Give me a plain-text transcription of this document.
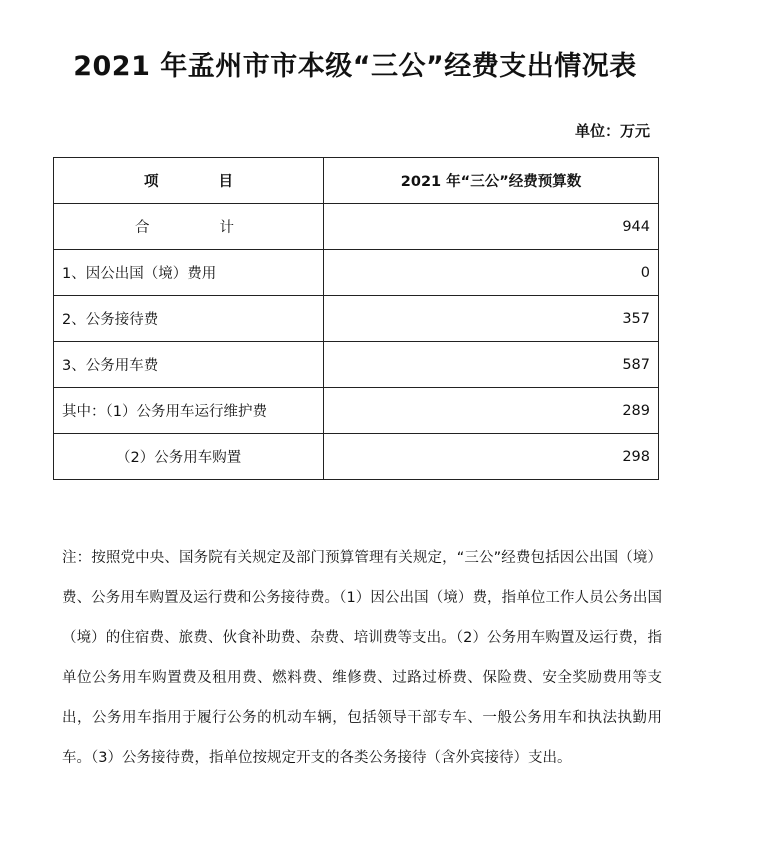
2021 年孟州市市本级“三公”经费支出情况表
单位：万元
项目	2021 年“三公”经费预算数
合计	944
1、因公出国（境）费用	0
2、公务接待费	357
3、公务用车费	587
其中：（1）公务用车运行维护费	289
（2）公务用车购置	298
注：按照党中央、国务院有关规定及部门预算管理有关规定，“三公”经费包括因公出国（境）费、公务用车购置及运行费和公务接待费。（1）因公出国（境）费，指单位工作人员公务出国（境）的住宿费、旅费、伙食补助费、杂费、培训费等支出。（2）公务用车购置及运行费，指单位公务用车购置费及租用费、燃料费、维修费、过路过桥费、保险费、安全奖励费用等支出，公务用车指用于履行公务的机动车辆，包括领导干部专车、一般公务用车和执法执勤用车。（3）公务接待费，指单位按规定开支的各类公务接待（含外宾接待）支出。
